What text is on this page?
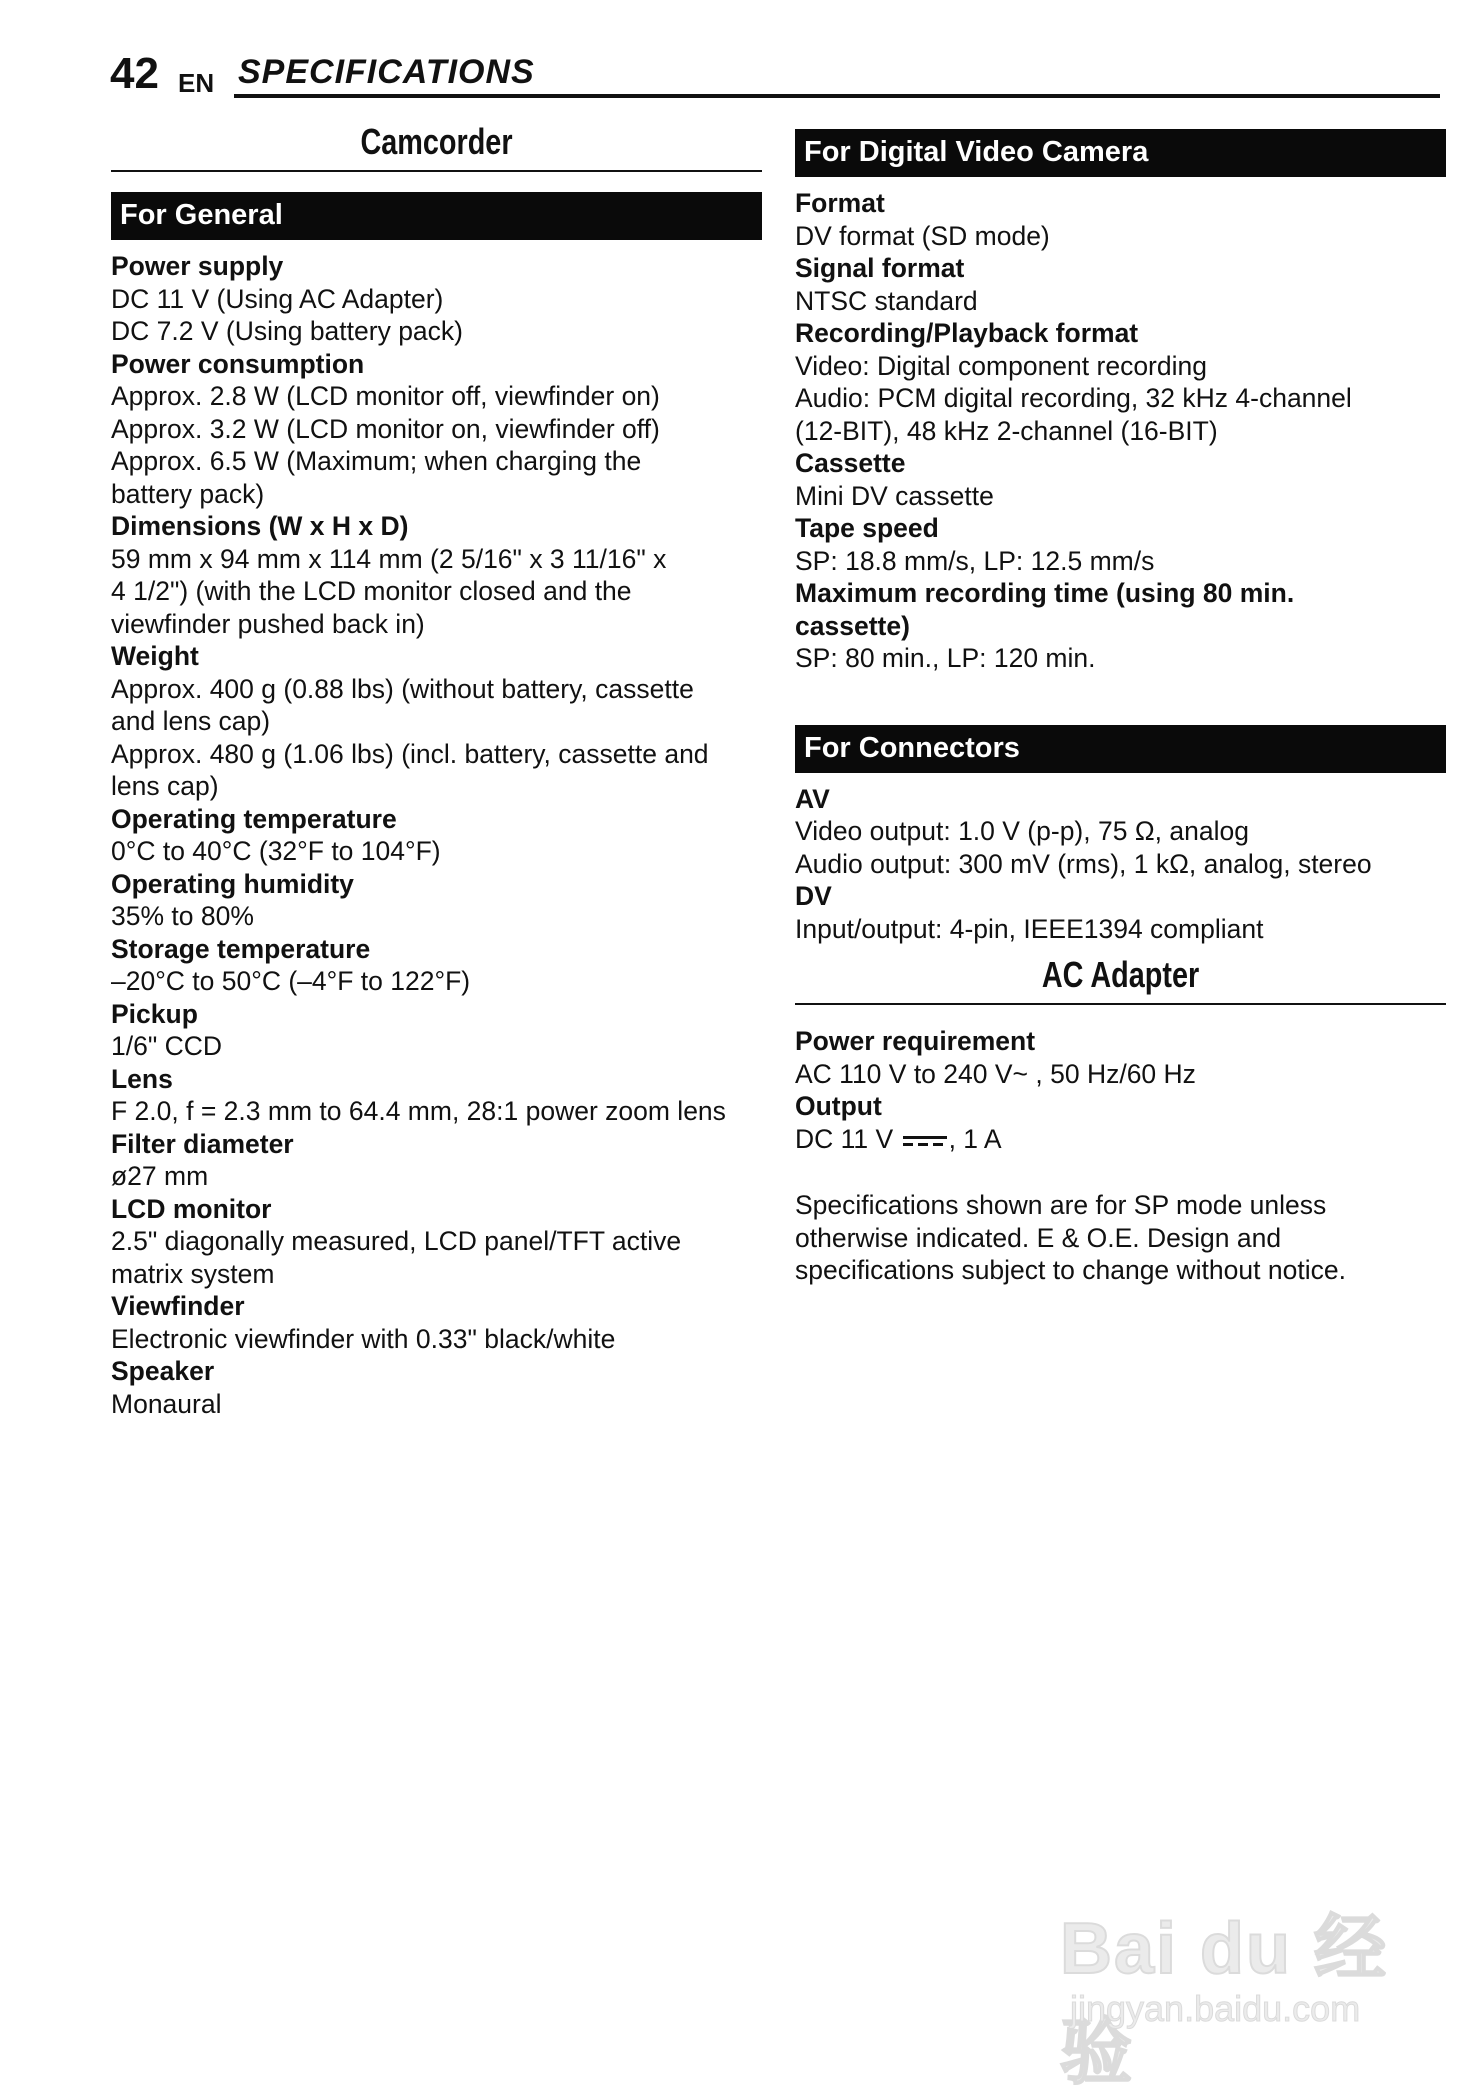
42 EN SPECIFICATIONS
Camcorder
For General
Power supply
DC 11 V (Using AC Adapter)
DC 7.2 V (Using battery pack)
Power consumption
Approx. 2.8 W (LCD monitor off, viewfinder on)
Approx. 3.2 W (LCD monitor on, viewfinder off)
Approx. 6.5 W (Maximum; when charging the
battery pack)
Dimensions (W x H x D)
59 mm x 94 mm x 114 mm (2 5/16" x 3 11/16" x
4 1/2") (with the LCD monitor closed and the
viewfinder pushed back in)
Weight
Approx. 400 g (0.88 lbs) (without battery, cassette
and lens cap)
Approx. 480 g (1.06 lbs) (incl. battery, cassette and
lens cap)
Operating temperature
0°C to 40°C (32°F to 104°F)
Operating humidity
35% to 80%
Storage temperature
–20°C to 50°C (–4°F to 122°F)
Pickup
1/6" CCD
Lens
F 2.0, f = 2.3 mm to 64.4 mm, 28:1 power zoom lens
Filter diameter
ø27 mm
LCD monitor
2.5" diagonally measured, LCD panel/TFT active
matrix system
Viewfinder
Electronic viewfinder with 0.33" black/white
Speaker
Monaural
For Digital Video Camera
Format
DV format (SD mode)
Signal format
NTSC standard
Recording/Playback format
Video: Digital component recording
Audio: PCM digital recording, 32 kHz 4-channel
(12-BIT), 48 kHz 2-channel (16-BIT)
Cassette
Mini DV cassette
Tape speed
SP: 18.8 mm/s, LP: 12.5 mm/s
Maximum recording time (using 80 min.
cassette)
SP: 80 min., LP: 120 min.
For Connectors
AV
Video output: 1.0 V (p-p), 75 Ω, analog
Audio output: 300 mV (rms), 1 kΩ, analog, stereo
DV
Input/output: 4-pin, IEEE1394 compliant
AC Adapter
Power requirement
AC 110 V to 240 V~ , 50 Hz/60 Hz
Output
DC 11 V , 1 A
Specifications shown are for SP mode unless
otherwise indicated. E & O.E. Design and
specifications subject to change without notice.
Bai du 经验
jingyan.baidu.com
